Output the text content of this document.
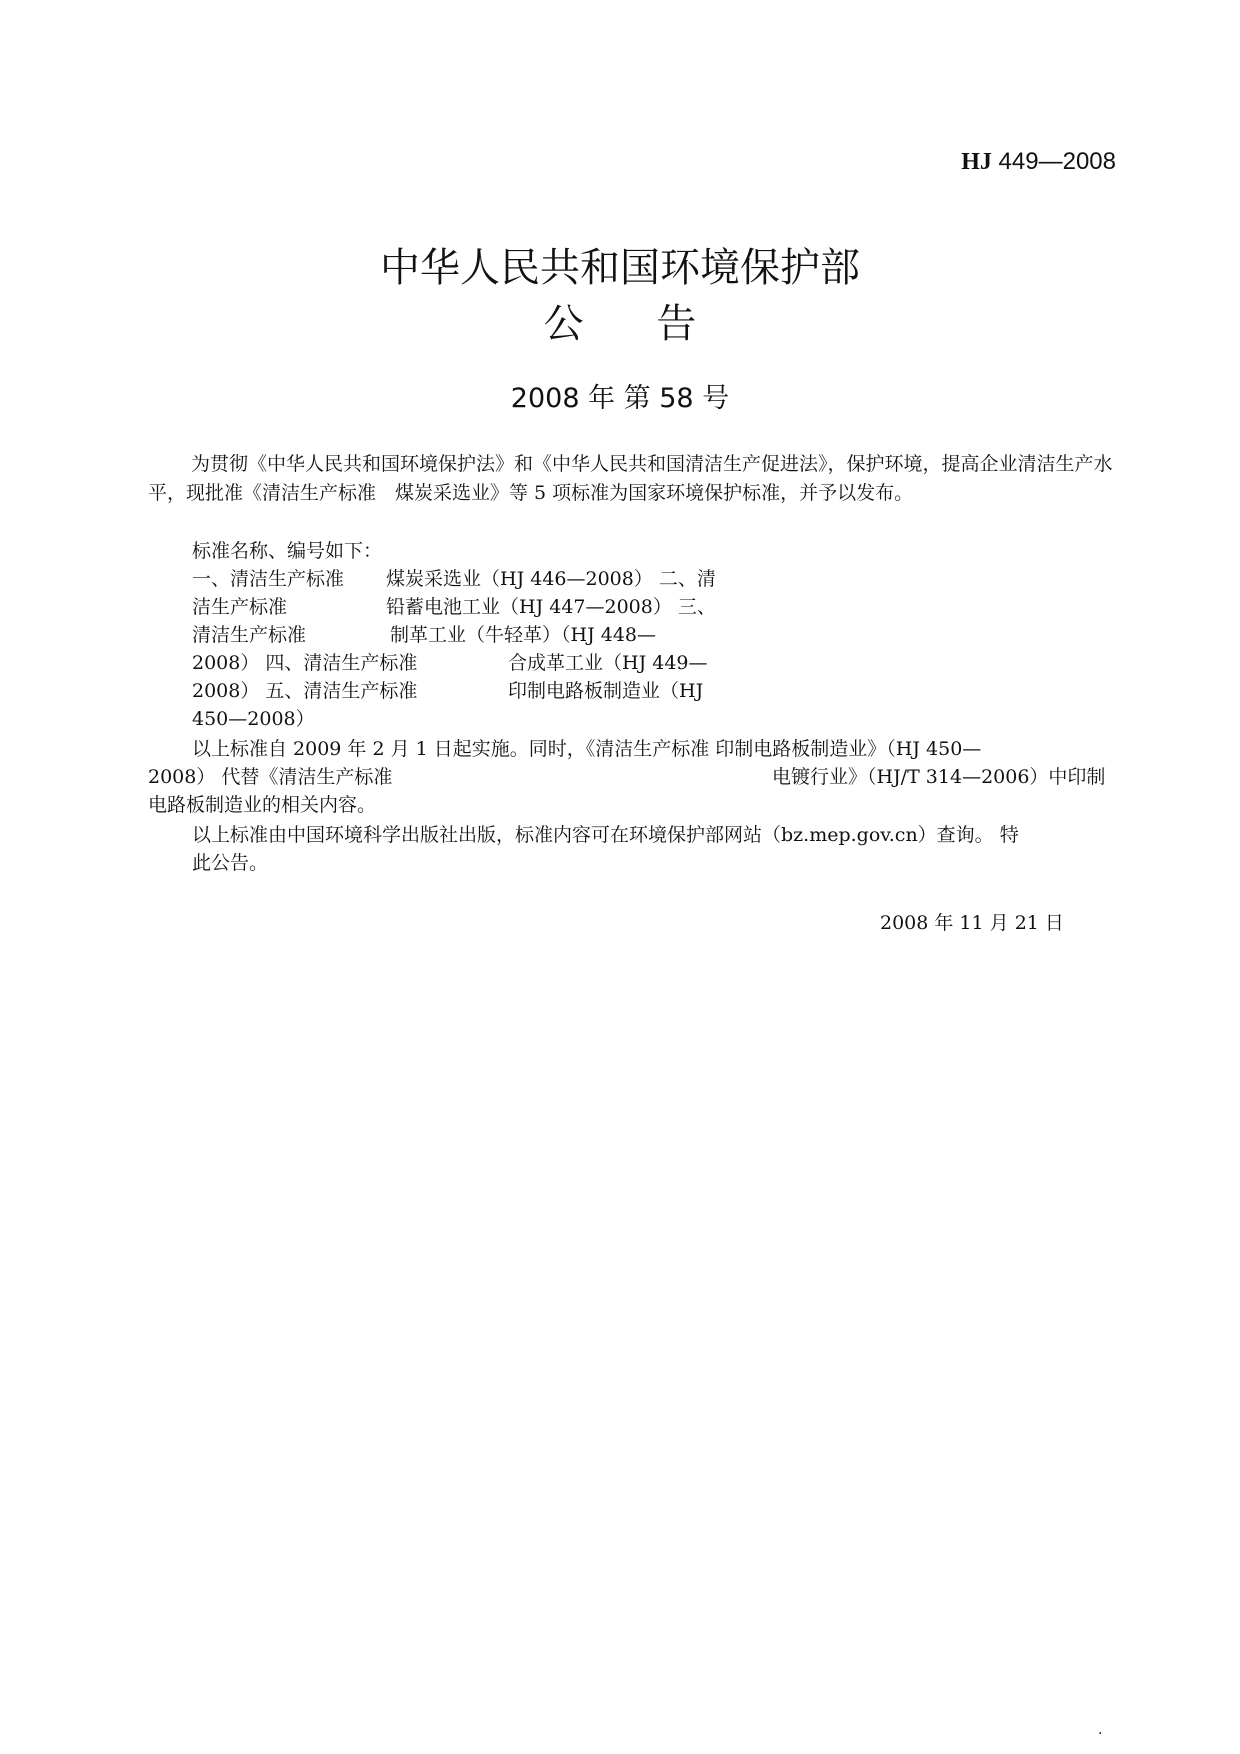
HJ 449—2008
中华人民共和国环境保护部
公 告
2008 年 第 58 号
为贯彻《中华人民共和国环境保护法》和《中华人民共和国清洁生产促进法》，保护环境，提高企业清洁生产水平，现批准《清洁生产标准　煤炭采选业》等 5 项标准为国家环境保护标准，并予以发布。
标准名称、编号如下：
一、清洁生产标准 煤炭采选业（HJ 446—2008） 二、清
洁生产标准	铅蓄电池工业（HJ 447—2008） 三、
清洁生产标准	制革工业（牛轻革）（HJ 448—
2008） 四、清洁生产标准	合成革工业（HJ 449—
2008） 五、清洁生产标准	印制电路板制造业（HJ
450—2008）
以上标准自 2009 年 2 月 1 日起实施。同时，《清洁生产标准 印制电路板制造业》（HJ 450—
2008） 代替《清洁生产标准	电镀行业》（HJ/T 314—2006）中印制
电路板制造业的相关内容。
以上标准由中国环境科学出版社出版，标准内容可在环境保护部网站（bz.mep.gov.cn）查询。 特
此公告。
2008 年 11 月 21 日
.
